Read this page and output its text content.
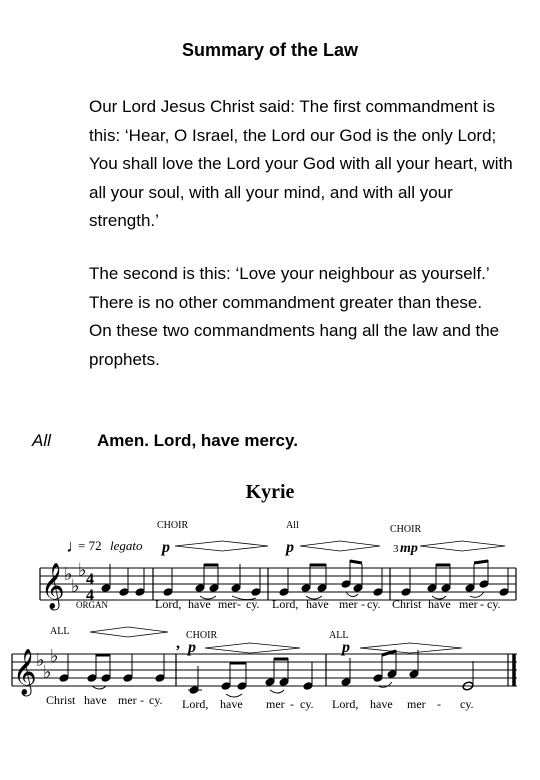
Summary of the Law
Our Lord Jesus Christ said: The first commandment is this: ‘Hear, O Israel, the Lord our God is the only Lord; You shall love the Lord your God with all your heart, with all your soul, with all your mind, and with all your strength.’
The second is this: ‘Love your neighbour as yourself.’ There is no other commandment greater than these.
On these two commandments hang all the law and the prophets.
All	Amen. Lord, have mercy.
Kyrie
𝄞 ♭
♭
♭ 4
4
♩
= 72 legato
CHOIR	All	CHOIR
p	p	3 mp
ORGAN	Lord, have mer - cy. Lord, have mer - cy. Christ have mer - cy.
𝄞 ♭
♭
♭
ALL	CHOIR	ALL
, p	p
Christ have mer - cy. Lord, have mer - cy. Lord, have mer - cy.
